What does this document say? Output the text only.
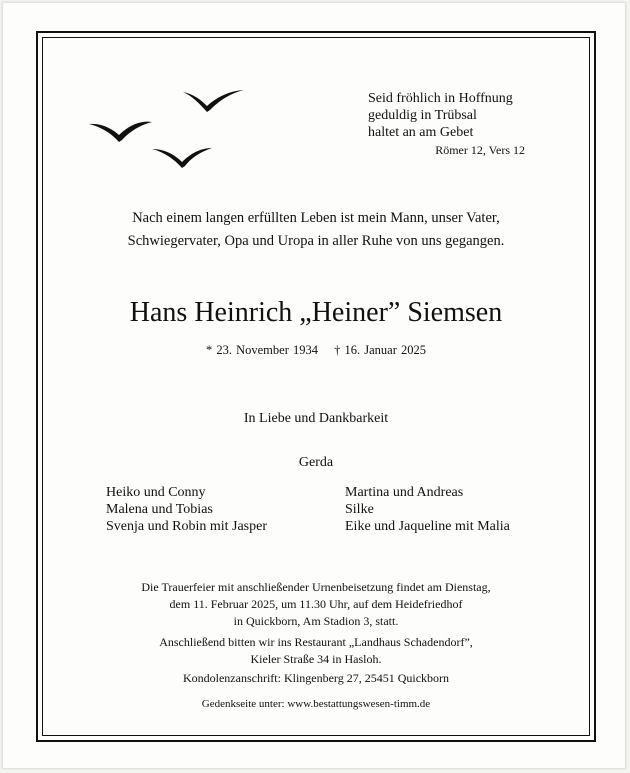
Seid fröhlich in Hoffnung
geduldig in Trübsal
haltet an am Gebet
Römer 12, Vers 12
Nach einem langen erfüllten Leben ist mein Mann, unser Vater,
Schwiegervater, Opa und Uropa in aller Ruhe von uns gegangen.
Hans Heinrich „Heiner” Siemsen
* 23. November 1934 † 16. Januar 2025
In Liebe und Dankbarkeit
Gerda
Heiko und Conny
Malena und Tobias
Svenja und Robin mit Jasper
Martina und Andreas
Silke
Eike und Jaqueline mit Malia
Die Trauerfeier mit anschließender Urnenbeisetzung findet am Dienstag,
dem 11. Februar 2025, um 11.30 Uhr, auf dem Heidefriedhof
in Quickborn, Am Stadion 3, statt.
Anschließend bitten wir ins Restaurant „Landhaus Schadendorf”,
Kieler Straße 34 in Hasloh.
Kondolenzanschrift: Klingenberg 27, 25451 Quickborn
Gedenkseite unter: www.bestattungswesen-timm.de
